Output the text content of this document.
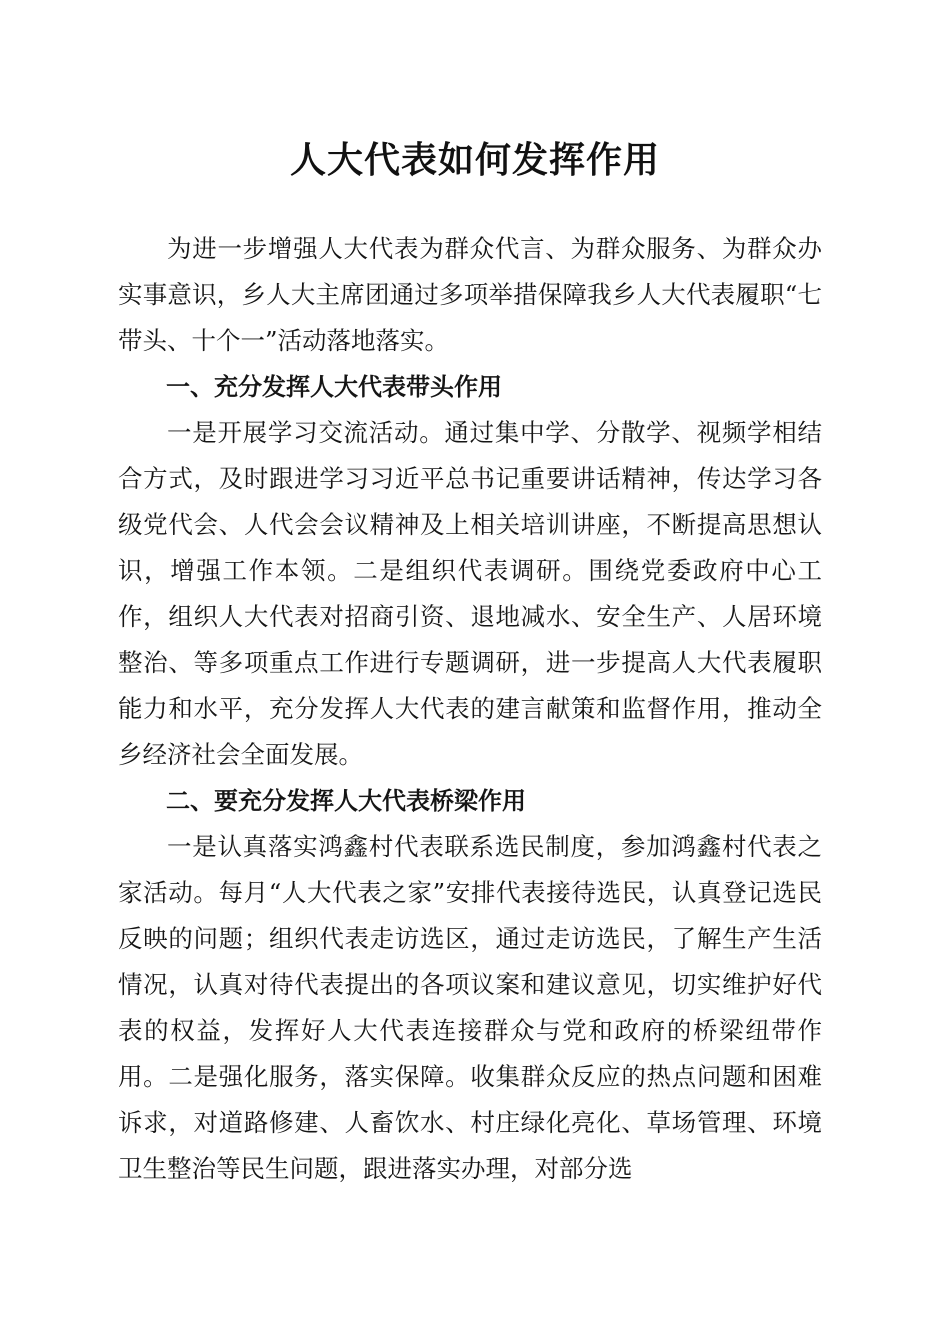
人大代表如何发挥作用

为进一步增强人大代表为群众代言、为群众服务、为群众办实事意识，乡人大主席团通过多项举措保障我乡人大代表履职“七带头、十个一”活动落地落实。

一、充分发挥人大代表带头作用

一是开展学习交流活动。通过集中学、分散学、视频学相结合方式，及时跟进学习习近平总书记重要讲话精神，传达学习各级党代会、人代会会议精神及上相关培训讲座，不断提高思想认识，增强工作本领。二是组织代表调研。围绕党委政府中心工作，组织人大代表对招商引资、退地减水、安全生产、人居环境整治、等多项重点工作进行专题调研，进一步提高人大代表履职能力和水平，充分发挥人大代表的建言献策和监督作用，推动全乡经济社会全面发展。

二、要充分发挥人大代表桥梁作用

一是认真落实鸿鑫村代表联系选民制度，参加鸿鑫村代表之家活动。每月“人大代表之家”安排代表接待选民，认真登记选民反映的问题；组织代表走访选区，通过走访选民，了解生产生活情况，认真对待代表提出的各项议案和建议意见，切实维护好代表的权益，发挥好人大代表连接群众与党和政府的桥梁纽带作用。二是强化服务，落实保障。收集群众反应的热点问题和困难诉求，对道路修建、人畜饮水、村庄绿化亮化、草场管理、环境卫生整治等民生问题，跟进落实办理，对部分选
